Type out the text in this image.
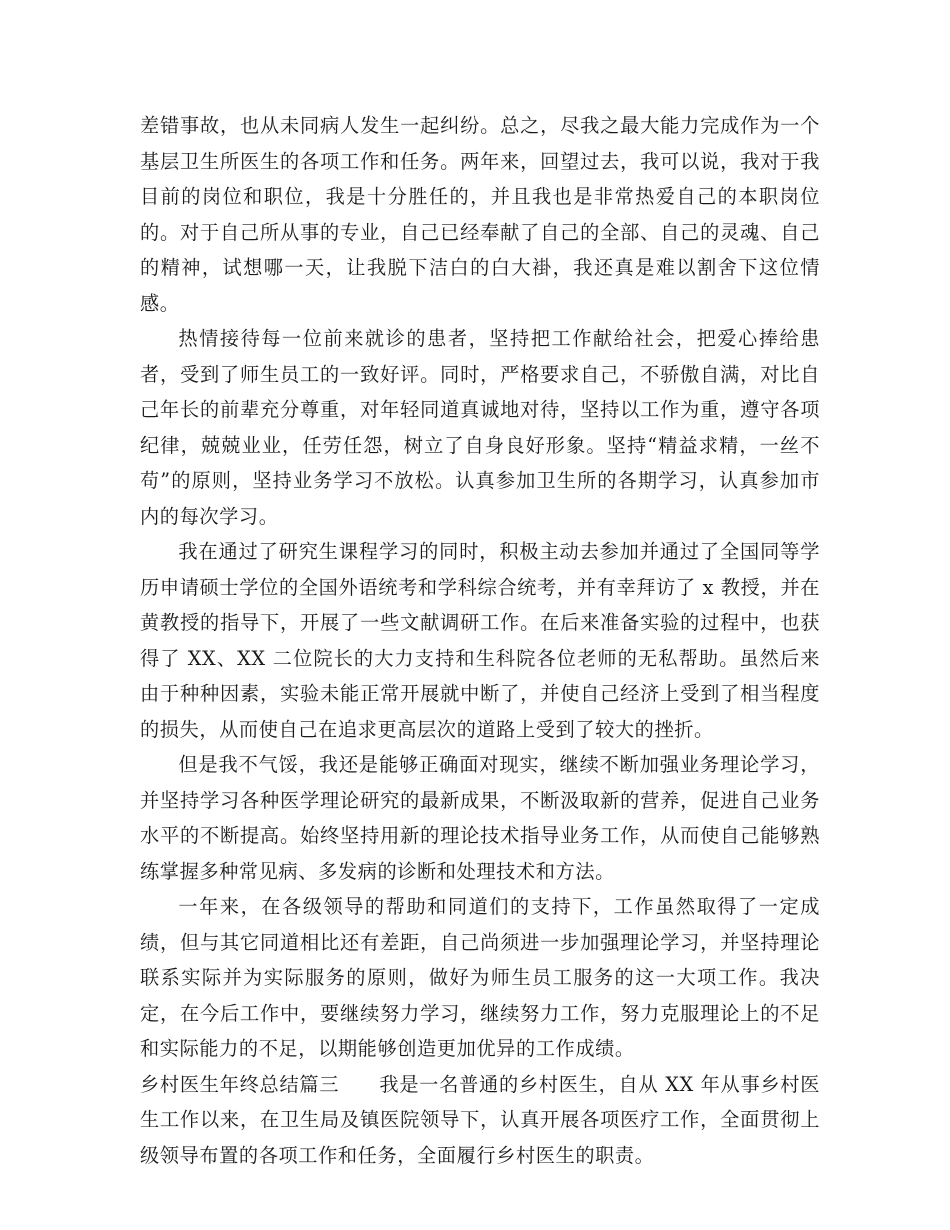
差错事故，也从未同病人发生一起纠纷。总之，尽我之最大能力完成作为一个基层卫生所医生的各项工作和任务。两年来，回望过去，我可以说，我对于我目前的岗位和职位，我是十分胜任的，并且我也是非常热爱自己的本职岗位的。对于自己所从事的专业，自己已经奉献了自己的全部、自己的灵魂、自己的精神，试想哪一天，让我脱下洁白的白大褂，我还真是难以割舍下这位情感。

热情接待每一位前来就诊的患者，坚持把工作献给社会，把爱心捧给患者，受到了师生员工的一致好评。同时，严格要求自己，不骄傲自满，对比自己年长的前辈充分尊重，对年轻同道真诚地对待，坚持以工作为重，遵守各项纪律，兢兢业业，任劳任怨，树立了自身良好形象。坚持“精益求精，一丝不苟”的原则，坚持业务学习不放松。认真参加卫生所的各期学习，认真参加市内的每次学习。

我在通过了研究生课程学习的同时，积极主动去参加并通过了全国同等学历申请硕士学位的全国外语统考和学科综合统考，并有幸拜访了 x 教授，并在黄教授的指导下，开展了一些文献调研工作。在后来准备实验的过程中，也获得了 XX、XX 二位院长的大力支持和生科院各位老师的无私帮助。虽然后来由于种种因素，实验未能正常开展就中断了，并使自己经济上受到了相当程度的损失，从而使自己在追求更高层次的道路上受到了较大的挫折。

但是我不气馁，我还是能够正确面对现实，继续不断加强业务理论学习，并坚持学习各种医学理论研究的最新成果，不断汲取新的营养，促进自己业务水平的不断提高。始终坚持用新的理论技术指导业务工作，从而使自己能够熟练掌握多种常见病、多发病的诊断和处理技术和方法。

一年来，在各级领导的帮助和同道们的支持下，工作虽然取得了一定成绩，但与其它同道相比还有差距，自己尚须进一步加强理论学习，并坚持理论联系实际并为实际服务的原则，做好为师生员工服务的这一大项工作。我决定，在今后工作中，要继续努力学习，继续努力工作，努力克服理论上的不足和实际能力的不足，以期能够创造更加优异的工作成绩。

乡村医生年终总结篇三 我是一名普通的乡村医生，自从 XX 年从事乡村医生工作以来，在卫生局及镇医院领导下，认真开展各项医疗工作，全面贯彻上级领导布置的各项工作和任务，全面履行乡村医生的职责。
